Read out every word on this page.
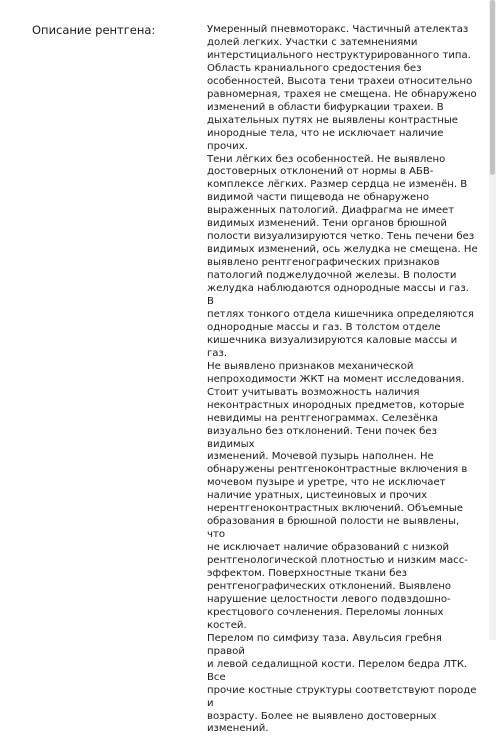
Описание рентгена:	Умеренный пневмоторакс. Частичный ателектаз
долей легких. Участки с затемнениями
интерстициального неструктурированного типа.
Область краниального средостения без
особенностей. Высота тени трахеи относительно
равномерная, трахея не смещена. Не обнаружено
изменений в области бифуркации трахеи. В
дыхательных путях не выявлены контрастные
инородные тела, что не исключает наличие прочих.
Тени лёгких без особенностей. Не выявлено
достоверных отклонений от нормы в АБВ-
комплексе лёгких. Размер сердца не изменён. В
видимой части пищевода не обнаружено
выраженных патологий. Диафрагма не имеет
видимых изменений. Тени органов брюшной
полости визуализируются четко. Тень печени без
видимых изменений, ось желудка не смещена. Не
выявлено рентгенографических признаков
патологий поджелудочной железы. В полости
желудка наблюдаются однородные массы и газ. В
петлях тонкого отдела кишечника определяются
однородные массы и газ. В толстом отделе
кишечника визуализируются каловые массы и газ.
Не выявлено признаков механической
непроходимости ЖКТ на момент исследования.
Стоит учитывать возможность наличия
неконтрастных инородных предметов, которые
невидимы на рентгенограммах. Селезёнка
визуально без отклонений. Тени почек без видимых
изменений. Мочевой пузырь наполнен. Не
обнаружены рентгеноконтрастные включения в
мочевом пузыре и уретре, что не исключает
наличие уратных, цистеиновых и прочих
нерентгеноконтрастных включений. Объемные
образования в брюшной полости не выявлены, что
не исключает наличие образований с низкой
рентгенологической плотностью и низким масс-
эффектом. Поверхностные ткани без
рентгенографических отклонений. Выявлено
нарушение целостности левого подвздошно-
крестцового сочленения. Переломы лонных костей.
Перелом по симфизу таза. Авульсия гребня правой
и левой седалищной кости. Перелом бедра ЛТК. Все
прочие костные структуры соответствуют породе и
возрасту. Более не выявлено достоверных
изменений.
